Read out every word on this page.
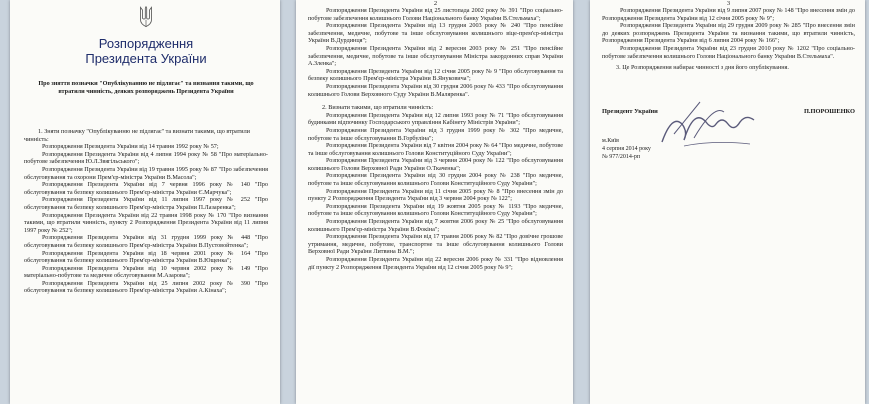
Розпорядження
Президента України
Про зняття позначки "Опублікуванню не підлягає" та визнання такими, що втратили чинність, деяких розпоряджень Президента України

1. Зняти позначку "Опублікуванню не підлягає" та визнати такими, що втратили чинність:

Розпорядження Президента України від 14 травня 1992 року № 57;

Розпорядження Президента України від 4 липня 1994 року № 58 "Про матеріально-побутове забезпечення Ю.Л.Звягільського";

Розпорядження Президента України від 19 травня 1995 року № 87 "Про забезпечення обслуговування та охорони Прем'єр-міністра України В.Масола";

Розпорядження Президента України від 7 червня 1996 року № 140 "Про обслуговування та безпеку колишнього Прем'єр-міністра України Є.Марчука";

Розпорядження Президента України від 11 липня 1997 року № 252 "Про обслуговування та безпеку колишнього Прем'єр-міністра України П.Лазаренка";

Розпорядження Президента України від 22 травня 1998 року № 170 "Про визнання такими, що втратили чинність, пункту 2 Розпорядження Президента України від 11 липня 1997 року № 252";

Розпорядження Президента України від 31 грудня 1999 року № 448 "Про обслуговування та безпеку колишнього Прем'єр-міністра України В.Пустовойтенка";

Розпорядження Президента України від 18 червня 2001 року № 164 "Про обслуговування та безпеку колишнього Прем'єр-міністра України В.Ющенка";

Розпорядження Президента України від 10 червня 2002 року № 149 "Про матеріально-побутове та медичне обслуговування М.Азарова";

Розпорядження Президента України від 25 липня 2002 року № 390 "Про обслуговування та безпеку колишнього Прем'єр-міністра України А.Кінаха";

2

Розпорядження Президента України від 25 листопада 2002 року № 391 "Про соціально-побутове забезпечення колишнього Голови Національного банку України В.Стельмаха";

Розпорядження Президента України від 13 грудня 2003 року № 240 "Про пенсійне забезпечення, медичне, побутове та інше обслуговування колишнього віце-прем'єр-міністра України В.Дурдинця";

Розпорядження Президента України від 2 вересня 2003 року № 251 "Про пенсійне забезпечення, медичне, побутове та інше обслуговування Міністра закордонних справ України А.Зленка";

Розпорядження Президента України від 12 січня 2005 року № 9 "Про обслуговування та безпеку колишнього Прем'єр-міністра України В.Януковича";

Розпорядження Президента України від 30 грудня 2006 року № 433 "Про обслуговування колишнього Голови Верховного Суду України В.Маляренка".

2. Визнати такими, що втратили чинність:

Розпорядження Президента України від 12 липня 1993 року № 71 "Про обслуговування будинками відпочинку Господарського управління Кабінету Міністрів України";

Розпорядження Президента України від 3 грудня 1999 року № 302 "Про медичне, побутове та інше обслуговування В.Горбуліна";

Розпорядження Президента України від 7 квітня 2004 року № 64 "Про медичне, побутове та інше обслуговування колишнього Голови Конституційного Суду України";

Розпорядження Президента України від 3 червня 2004 року № 122 "Про обслуговування колишнього Голови Верховної Ради України О.Ткаченка";

Розпорядження Президента України від 30 грудня 2004 року № 238 "Про медичне, побутове та інше обслуговування колишнього Голови Конституційного Суду України";

Розпорядження Президента України від 11 січня 2005 року № 8 "Про внесення змін до пункту 2 Розпорядження Президента України від 3 червня 2004 року № 122";

Розпорядження Президента України від 19 жовтня 2005 року № 1193 "Про медичне, побутове та інше обслуговування колишнього Голови Конституційного Суду України";

Розпорядження Президента України від 7 жовтня 2006 року № 25 "Про обслуговування колишнього Прем'єр-міністра України В.Фокіна";

Розпорядження Президента України від 17 травня 2006 року № 82 "Про довічне грошове утримання, медичне, побутове, транспортне та інше обслуговування колишнього Голови Верховної Ради України Литвина В.М.";

Розпорядження Президента України від 22 вересня 2006 року № 331 "Про відновлення дії пункту 2 Розпорядження Президента України від 12 січня 2005 року № 9";

3

Розпорядження Президента України від 9 липня 2007 року № 148 "Про внесення змін до Розпорядження Президента України від 12 січня 2005 року № 9";

Розпорядження Президента України від 29 грудня 2009 року № 285 "Про внесення змін до деяких розпоряджень Президента України та визнання такими, що втратили чинність, Розпорядження Президента України від 6 липня 2004 року № 166";

Розпорядження Президента України від 23 грудня 2010 року № 1202 "Про соціально-побутове забезпечення колишнього Голови Національного банку України В.Стельмаха".

3. Це Розпорядження набирає чинності з дня його опублікування.

Президент України	П.ПОРОШЕНКО
м.Київ
4 серпня 2014 року
№ 977/2014-рп
